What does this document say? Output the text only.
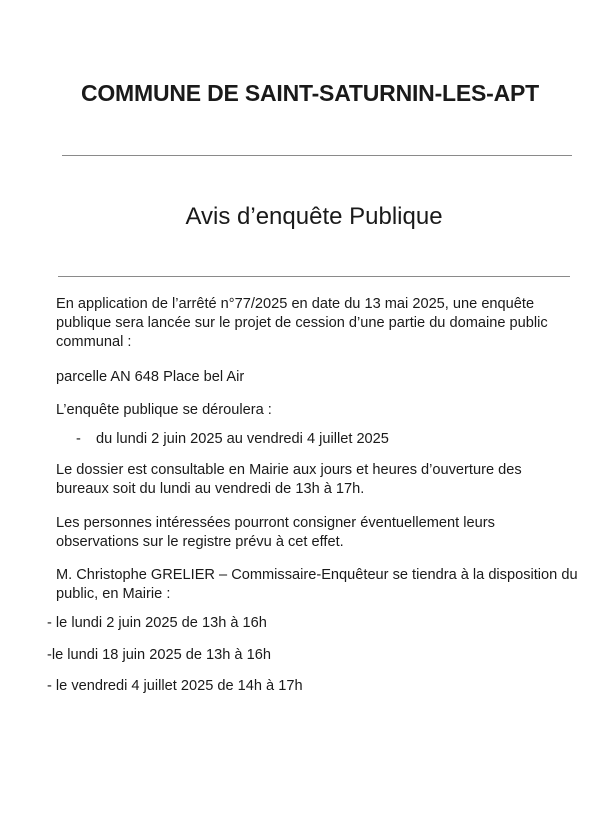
COMMUNE DE SAINT-SATURNIN-LES-APT
Avis d’enquête Publique
En application de l’arrêté n°77/2025 en date du 13 mai 2025, une enquête
publique sera lancée sur le projet de cession d’une partie du domaine public
communal :
parcelle AN 648 Place bel Air
L’enquête publique se déroulera :
- du lundi 2 juin 2025 au vendredi 4 juillet 2025
Le dossier est consultable en Mairie aux jours et heures d’ouverture des
bureaux soit du lundi au vendredi de 13h à 17h.
Les personnes intéressées pourront consigner éventuellement leurs
observations sur le registre prévu à cet effet.
M. Christophe GRELIER – Commissaire-Enquêteur se tiendra à la disposition du
public, en Mairie :
- le lundi 2 juin 2025 de 13h à 16h
-le lundi 18 juin 2025 de 13h à 16h
- le vendredi 4 juillet 2025 de 14h à 17h
